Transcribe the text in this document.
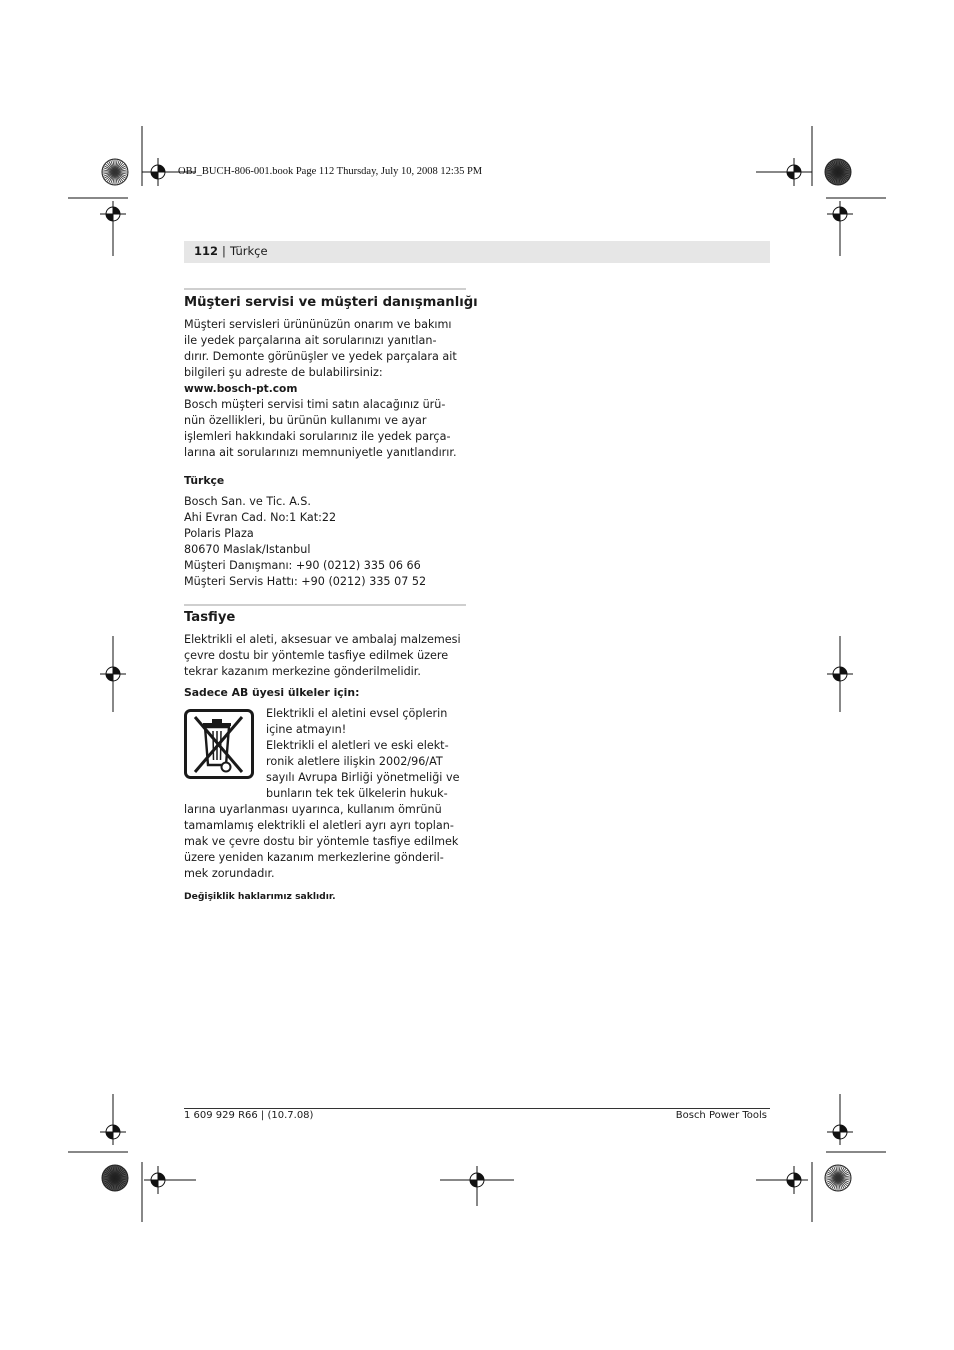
OBJ_BUCH-806-001.book Page 112 Thursday, July 10, 2008 12:35 PM
112 | Türkçe
Müşteri servisi ve müşteri danışmanlığı
Müşteri servisleri ürününüzün onarım ve bakımı
ile yedek parçalarına ait sorularınızı yanıtlan-
dırır. Demonte görünüşler ve yedek parçalara ait
bilgileri şu adreste de bulabilirsiniz:
www.bosch-pt.com
Bosch müşteri servisi timi satın alacağınız ürü-
nün özellikleri, bu ürünün kullanımı ve ayar
işlemleri hakkındaki sorularınız ile yedek parça-
larına ait sorularınızı memnuniyetle yanıtlandırır.
Türkçe
Bosch San. ve Tic. A.S.
Ahi Evran Cad. No:1 Kat:22
Polaris Plaza
80670 Maslak/Istanbul
Müşteri Danışmanı: +90 (0212) 335 06 66
Müşteri Servis Hattı: +90 (0212) 335 07 52
Tasfiye
Elektrikli el aleti, aksesuar ve ambalaj malzemesi
çevre dostu bir yöntemle tasfiye edilmek üzere
tekrar kazanım merkezine gönderilmelidir.
Sadece AB üyesi ülkeler için:
Elektrikli el aletini evsel çöplerin
içine atmayın!
Elektrikli el aletleri ve eski elekt-
ronik aletlere ilişkin 2002/96/AT
sayılı Avrupa Birliği yönetmeliği ve
bunların tek tek ülkelerin hukuk-
larına uyarlanması uyarınca, kullanım ömrünü
tamamlamış elektrikli el aletleri ayrı ayrı toplan-
mak ve çevre dostu bir yöntemle tasfiye edilmek
üzere yeniden kazanım merkezlerine gönderil-
mek zorundadır.
Değişiklik haklarımız saklıdır.
1 609 929 R66 | (10.7.08)	Bosch Power Tools
